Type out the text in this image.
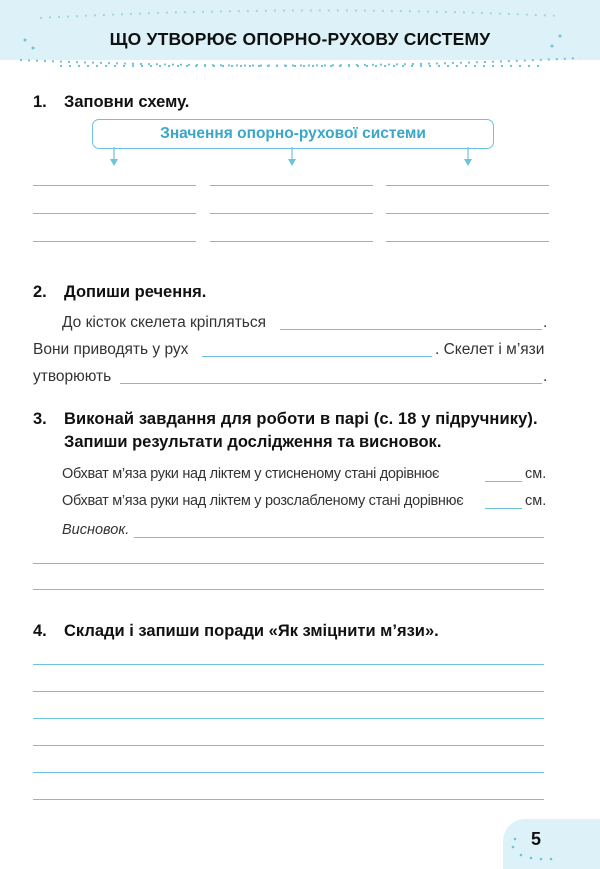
ЩО УТВОРЮЄ ОПОРНО-РУХОВУ СИСТЕМУ
1. Заповни схему.
Значення опорно-рухової системи
2. Допиши речення.
До кісток скелета кріпляться	.
Вони приводять у рух	. Скелет і м’язи
утворюють	.
3. Виконай завдання для роботи в парі (с. 18 у підручнику).
Запиши результати дослідження та висновок.
Обхват м’яза руки над ліктем у стисненому стані дорівнює	см.
Обхват м’яза руки над ліктем у розслабленому стані дорівнює	см.
Висновок.
4. Склади і запиши поради «Як зміцнити м’язи».
5
